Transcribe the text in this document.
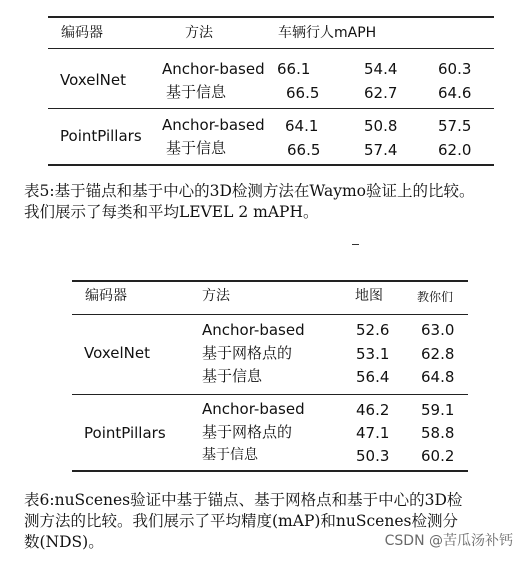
编码器	方法	车辆行人mAPH
VoxelNet
Anchor-based 66.1	54.4	60.3
基于信息	66.5	62.7	64.6
PointPillars
Anchor-based 64.1	50.8	57.5
基于信息	66.5	57.4	62.0
表5:基于锚点和基于中心的3D检测方法在Waymo验证上的比较。
我们展示了每类和平均LEVEL 2 mAPH。
编码器	方法	地图	教你们
VoxelNet
Anchor-based	52.6 63.0
基于网格点的	53.1 62.8
基于信息	56.4 64.8
PointPillars
Anchor-based	46.2 59.1
基于网格点的	47.1 58.8
基于信息	50.3 60.2
表6:nuScenes验证中基于锚点、基于网格点和基于中心的3D检
测方法的比较。我们展示了平均精度(mAP)和nuScenes检测分
数(NDS)。	CSDN @苦瓜汤补钙
